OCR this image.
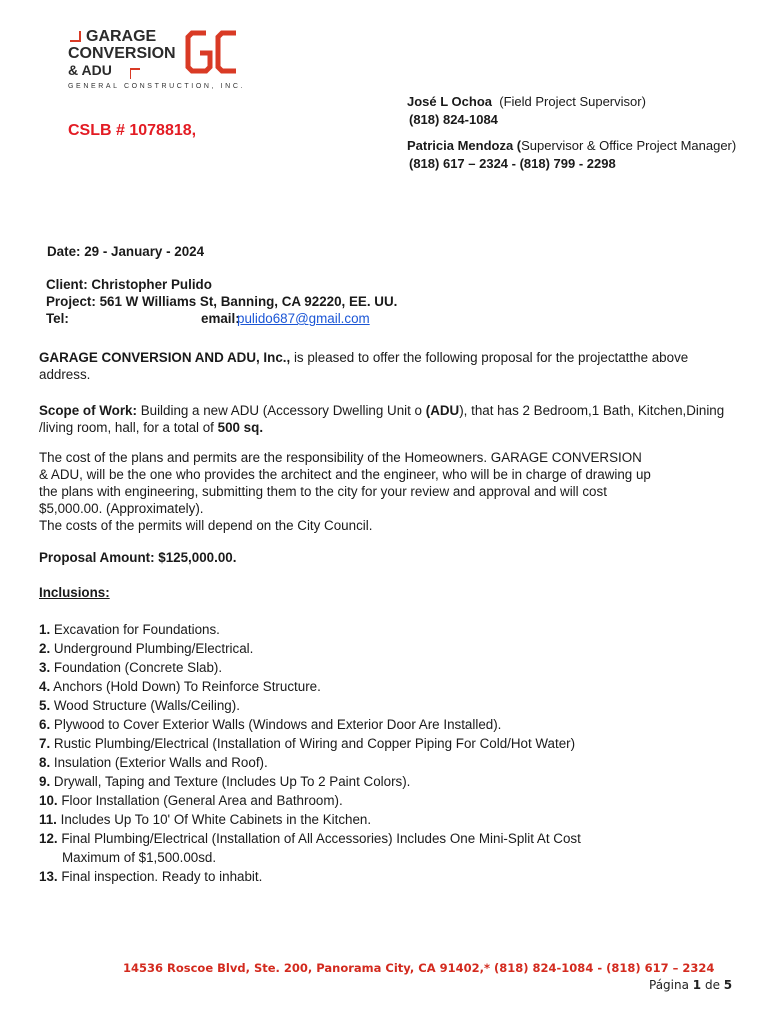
GARAGE
CONVERSION
& ADU
GENERAL CONSTRUCTION, INC.
CSLB # 1078818,
José L Ochoa (Field Project Supervisor)
(818) 824-1084
Patricia Mendoza (Supervisor & Office Project Manager)
(818) 617 – 2324 - (818) 799 - 2298
Date: 29 - January - 2024
Client: Christopher Pulido
Project: 561 W Williams St, Banning, CA 92220, EE. UU.
Tel:	email:
pulido687@gmail.com
GARAGE CONVERSION AND ADU, Inc., is pleased to offer the following proposal for the projectatthe above
address.
Scope of Work: Building a new ADU (Accessory Dwelling Unit o (ADU), that has 2 Bedroom,1 Bath, Kitchen,Dining
/living room, hall, for a total of 500 sq.
The cost of the plans and permits are the responsibility of the Homeowners. GARAGE CONVERSION
& ADU, will be the one who provides the architect and the engineer, who will be in charge of drawing up
the plans with engineering, submitting them to the city for your review and approval and will cost
$5,000.00. (Approximately).
The costs of the permits will depend on the City Council.
Proposal Amount: $125,000.00.
Inclusions:
1. Excavation for Foundations.
2. Underground Plumbing/Electrical.
3. Foundation (Concrete Slab).
4. Anchors (Hold Down) To Reinforce Structure.
5. Wood Structure (Walls/Ceiling).
6. Plywood to Cover Exterior Walls (Windows and Exterior Door Are Installed).
7. Rustic Plumbing/Electrical (Installation of Wiring and Copper Piping For Cold/Hot Water)
8. Insulation (Exterior Walls and Roof).
9. Drywall, Taping and Texture (Includes Up To 2 Paint Colors).
10. Floor Installation (General Area and Bathroom).
11. Includes Up To 10' Of White Cabinets in the Kitchen.
12. Final Plumbing/Electrical (Installation of All Accessories) Includes One Mini-Split At Cost
Maximum of $1,500.00sd.
13. Final inspection. Ready to inhabit.
14536 Roscoe Blvd, Ste. 200, Panorama City, CA 91402,* (818) 824-1084 - (818) 617 – 2324
Página 1 de 5
